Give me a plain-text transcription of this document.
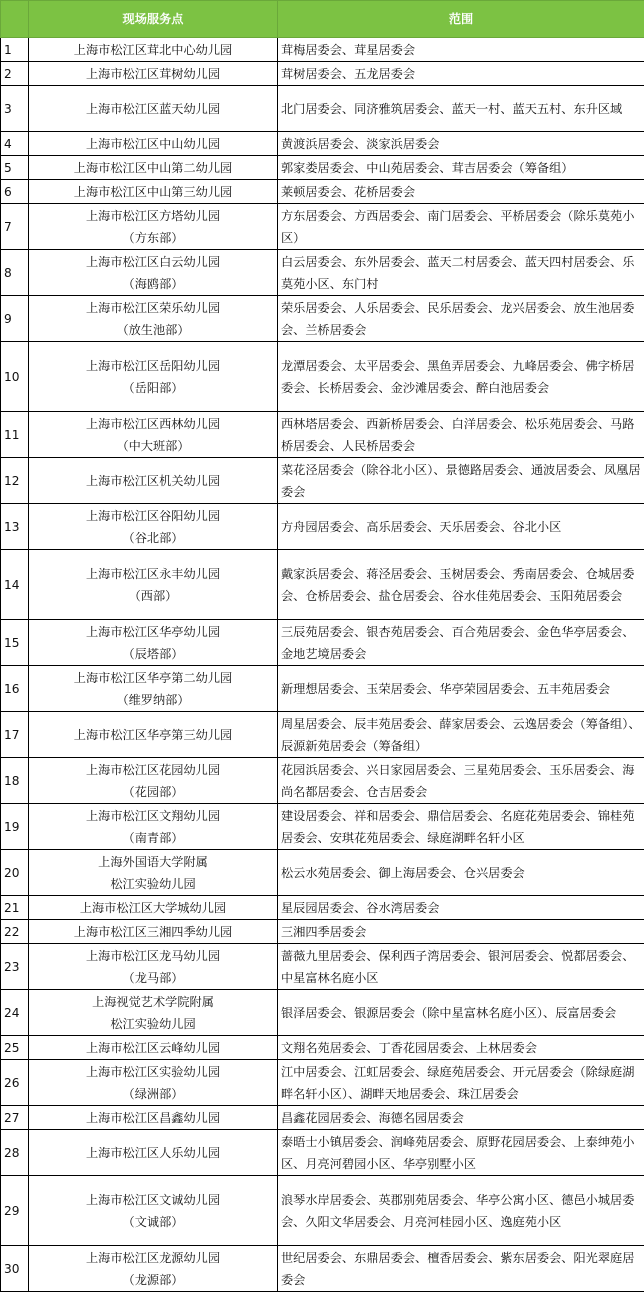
	现场服务点	范围
1	上海市松江区茸北中心幼儿园	茸梅居委会、茸星居委会
2	上海市松江区茸树幼儿园	茸树居委会、五龙居委会
3	上海市松江区蓝天幼儿园	北门居委会、同济雅筑居委会、蓝天一村、蓝天五村、东升区域
4	上海市松江区中山幼儿园	黄渡浜居委会、淡家浜居委会
5	上海市松江区中山第二幼儿园	郭家娄居委会、中山苑居委会、茸吉居委会（筹备组）
6	上海市松江区中山第三幼儿园	莱顿居委会、花桥居委会
7	上海市松江区方塔幼儿园
（方东部）	方东居委会、方西居委会、南门居委会、平桥居委会（除乐莫苑小区）
8	上海市松江区白云幼儿园
（海鸥部）	白云居委会、东外居委会、蓝天二村居委会、蓝天四村居委会、乐莫苑小区、东门村
9	上海市松江区荣乐幼儿园
（放生池部）	荣乐居委会、人乐居委会、民乐居委会、龙兴居委会、放生池居委会、兰桥居委会
10	上海市松江区岳阳幼儿园
（岳阳部）	龙潭居委会、太平居委会、黑鱼弄居委会、九峰居委会、佛字桥居委会、长桥居委会、金沙滩居委会、醉白池居委会
11	上海市松江区西林幼儿园
（中大班部）	西林塔居委会、西新桥居委会、白洋居委会、松乐苑居委会、马路桥居委会、人民桥居委会
12	上海市松江区机关幼儿园	菜花泾居委会（除谷北小区）、景德路居委会、通波居委会、凤凰居委会
13	上海市松江区谷阳幼儿园
（谷北部）	方舟园居委会、高乐居委会、天乐居委会、谷北小区
14	上海市松江区永丰幼儿园
（西部）	戴家浜居委会、蒋泾居委会、玉树居委会、秀南居委会、仓城居委会、仓桥居委会、盐仓居委会、谷水佳苑居委会、玉阳苑居委会
15	上海市松江区华亭幼儿园
（辰塔部）	三辰苑居委会、银杏苑居委会、百合苑居委会、金色华亭居委会、金地艺境居委会
16	上海市松江区华亭第二幼儿园
（维罗纳部）	新理想居委会、玉荣居委会、华亭荣园居委会、五丰苑居委会
17	上海市松江区华亭第三幼儿园	周星居委会、辰丰苑居委会、薛家居委会、云逸居委会（筹备组）、辰源新苑居委会（筹备组）
18	上海市松江区花园幼儿园
（花园部）	花园浜居委会、兴日家园居委会、三星苑居委会、玉乐居委会、海尚名都居委会、仓吉居委会
19	上海市松江区文翔幼儿园
（南青部）	建设居委会、祥和居委会、鼎信居委会、名庭花苑居委会、锦桂苑居委会、安琪花苑居委会、绿庭湖畔名轩小区
20	上海外国语大学附属
松江实验幼儿园	松云水苑居委会、御上海居委会、仓兴居委会
21	上海市松江区大学城幼儿园	星辰园居委会、谷水湾居委会
22	上海市松江区三湘四季幼儿园	三湘四季居委会
23	上海市松江区龙马幼儿园
（龙马部）	蔷薇九里居委会、保利西子湾居委会、银河居委会、悦都居委会、中星富林名庭小区
24	上海视觉艺术学院附属
松江实验幼儿园	银泽居委会、银源居委会（除中星富林名庭小区）、辰富居委会
25	上海市松江区云峰幼儿园	文翔名苑居委会、丁香花园居委会、上林居委会
26	上海市松江区实验幼儿园
（绿洲部）	江中居委会、江虹居委会、绿庭苑居委会、开元居委会（除绿庭湖畔名轩小区）、湖畔天地居委会、珠江居委会
27	上海市松江区昌鑫幼儿园	昌鑫花园居委会、海德名园居委会
28	上海市松江区人乐幼儿园	泰晤士小镇居委会、润峰苑居委会、原野花园居委会、上泰绅苑小区、月亮河碧园小区、华亭别墅小区
29	上海市松江区文诚幼儿园
（文诚部）	浪琴水岸居委会、英郡别苑居委会、华亭公寓小区、德邑小城居委会、久阳文华居委会、月亮河桂园小区、逸庭苑小区
30	上海市松江区龙源幼儿园
（龙源部）	世纪居委会、东鼎居委会、檀香居委会、紫东居委会、阳光翠庭居委会
